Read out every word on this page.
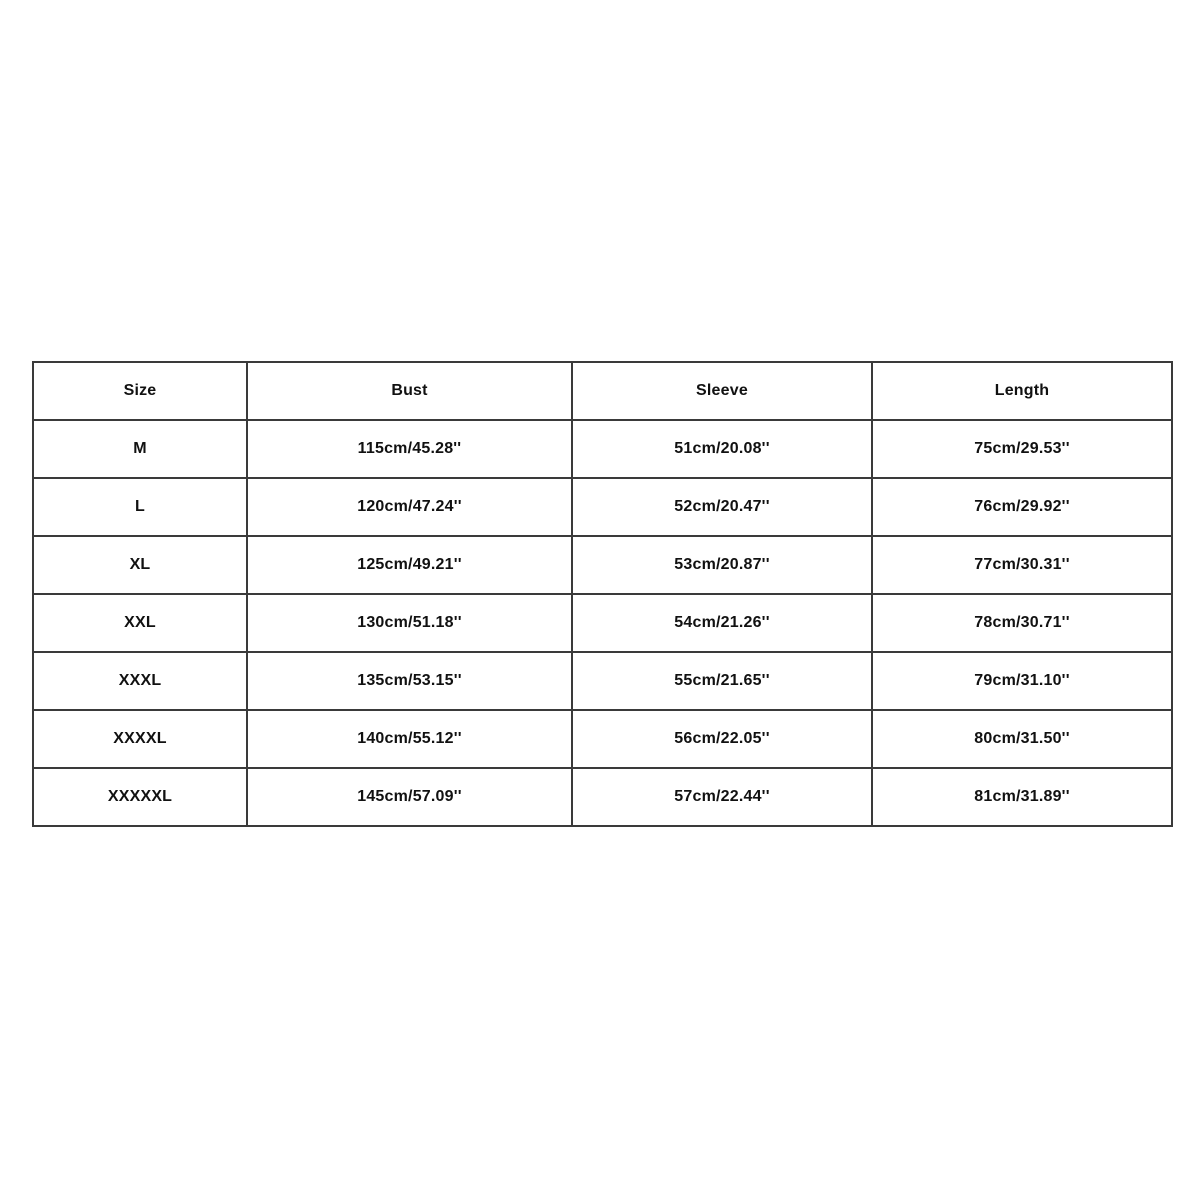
Size	Bust	Sleeve	Length
M	115cm/45.28''	51cm/20.08''	75cm/29.53''
L	120cm/47.24''	52cm/20.47''	76cm/29.92''
XL	125cm/49.21''	53cm/20.87''	77cm/30.31''
XXL	130cm/51.18''	54cm/21.26''	78cm/30.71''
XXXL	135cm/53.15''	55cm/21.65''	79cm/31.10''
XXXXL	140cm/55.12''	56cm/22.05''	80cm/31.50''
XXXXXL	145cm/57.09''	57cm/22.44''	81cm/31.89''
